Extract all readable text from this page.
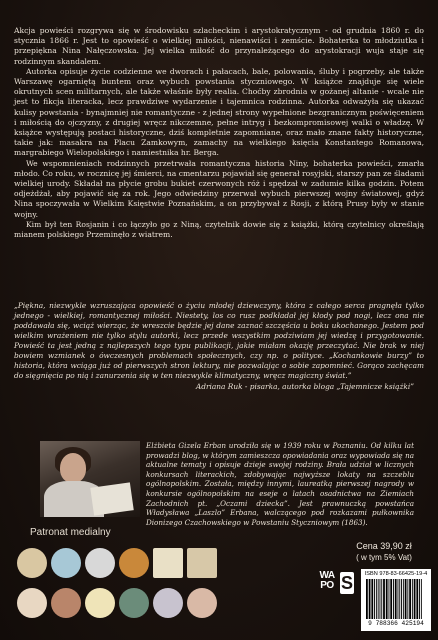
Akcja powieści rozgrywa się w środowisku szlacheckim i arystokratycznym - od grudnia 1860 r. do stycznia 1866 r. Jest to opowieść o wielkiej miłości, nienawiści i zemście. Bohaterka to młodziutka i przepiękna Nina Nałęczowska. Jej wielka miłość do przynależącego do arystokracji wuja staje się rodzinnym skandalem.

Autorka opisuje życie codzienne we dworach i pałacach, bale, polowania, śluby i pogrzeby, ale także Warszawę ogarniętą buntem oraz wybuch powstania styczniowego. W książce znajduje się wiele okrutnych scen militarnych, ale także właśnie były realia. Choćby zbrodnia w gożanej altanie - wcale nie jest to fikcja literacka, lecz prawdziwe wydarzenie i tajemnica rodzinna. Autorka odważyła się ukazać kulisy powstania - bynajmniej nie romantyczne - z jednej strony wypełnione bezgranicznym poświęceniem i miłością do ojczyzny, z drugiej wręcz nikczemne, pełne intryg i bezkompromisowej walki o władzę. W książce występują postaci historyczne, dziś kompletnie zapomniane, oraz mało znane fakty historyczne, takie jak: masakra na Placu Zamkowym, zamachy na wielkiego księcia Konstantego Romanowa, margrabiego Wielopolskiego i namiestnika hr. Berga.

We wspomnieniach rodzinnych przetrwała romantyczna historia Niny, bohaterka powieści, zmarła młodo. Co roku, w rocznicę jej śmierci, na cmentarzu pojawiał się generał rosyjski, starszy pan ze śladami wielkiej urody. Składał na płycie grobu bukiet czerwonych róż i spędzał w zadumie kilka godzin. Potem odjeżdżał, aby pojawić się za rok. Jego odwiedziny przerwał wybuch pierwszej wojny światowej, gdyż Nina spoczywała w Wielkim Księstwie Poznańskim, a on przybywał z Rosji, z którą Prusy były w stanie wojny.

Kim był ten Rosjanin i co łączyło go z Niną, czytelnik dowie się z książki, którą czytelnicy określają mianem polskiego Przeminęło z wiatrem.

„Piękna, niezwykle wzruszająca opowieść o życiu młodej dziewczyny, która z całego serca pragnęła tylko jednego - wielkiej, romantycznej miłości. Niestety, los co rusz podkładał jej kłody pod nogi, lecz ona nie poddawała się, wciąż wierząc, że wreszcie będzie jej dane zaznać szczęścia u boku ukochanego. Jestem pod wielkim wrażeniem nie tylko stylu autorki, lecz przede wszystkim podziwiam jej wiedzę i przygotowanie. Powieść ta jest jedną z najlepszych tego typu publikacji, jakie miałam okazję przeczytać. Nie brak w niej bowiem wzmianek o ówczesnych problemach społecznych, czy np. o polityce. „Kochankowie burzy” to historia, która wciąga już od pierwszych stron lektury, nie pozwalając o sobie zapomnieć. Gorąco zachęcam do sięgnięcia po nią i zanurzenia się w ten niezwykle klimatyczny, wręcz magiczny świat.”

Adriana Ruk - pisarka, autorka bloga „Tajemnicze książki”

Elżbieta Gizela Erban urodziła się w 1939 roku w Poznaniu. Od kilku lat prowadzi blog, w którym zamieszcza opowiadania oraz wypowiada się na aktualne tematy i opisuje dzieje swojej rodziny. Brała udział w licznych konkursach literackich, zdobywając najwyższe lokaty na szczeblu ogólnopolskim. Została, między innymi, laureatką pierwszej nagrody w konkursie ogólnopolskim na eseje o latach osadnictwa na Ziemiach Zachodnich pt. „Oczami dziecka”. Jest prawnuczką powstańca Władysława „Laszlo” Erbana, walczącego pod rozkazami pułkownika Dionizego Czachowskiego w Powstaniu Styczniowym (1863).

Patronat medialny
Cena 39,90 zł
( w tym 5% Vat)
WA
PO S	ISBN 978-83-66425-19-4
9 788366 425194
